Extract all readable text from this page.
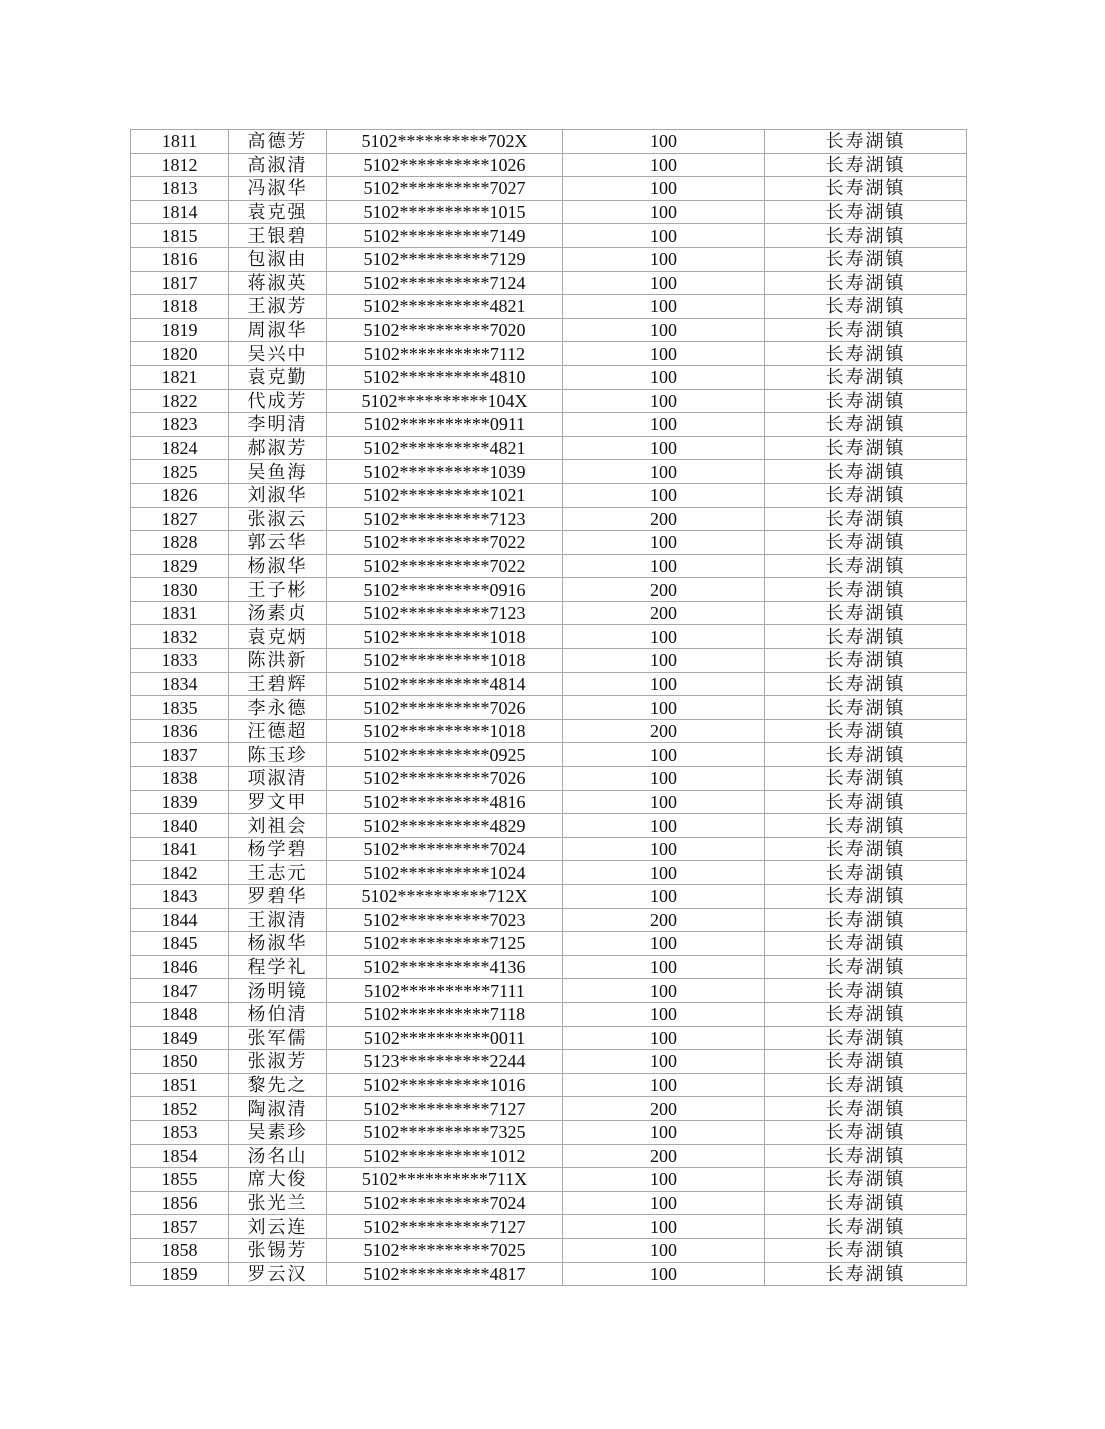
1811	高德芳	5102**********702X	100	长寿湖镇
1812	高淑清	5102**********1026	100	长寿湖镇
1813	冯淑华	5102**********7027	100	长寿湖镇
1814	袁克强	5102**********1015	100	长寿湖镇
1815	王银碧	5102**********7149	100	长寿湖镇
1816	包淑由	5102**********7129	100	长寿湖镇
1817	蒋淑英	5102**********7124	100	长寿湖镇
1818	王淑芳	5102**********4821	100	长寿湖镇
1819	周淑华	5102**********7020	100	长寿湖镇
1820	吴兴中	5102**********7112	100	长寿湖镇
1821	袁克勤	5102**********4810	100	长寿湖镇
1822	代成芳	5102**********104X	100	长寿湖镇
1823	李明清	5102**********0911	100	长寿湖镇
1824	郝淑芳	5102**********4821	100	长寿湖镇
1825	吴鱼海	5102**********1039	100	长寿湖镇
1826	刘淑华	5102**********1021	100	长寿湖镇
1827	张淑云	5102**********7123	200	长寿湖镇
1828	郭云华	5102**********7022	100	长寿湖镇
1829	杨淑华	5102**********7022	100	长寿湖镇
1830	王子彬	5102**********0916	200	长寿湖镇
1831	汤素贞	5102**********7123	200	长寿湖镇
1832	袁克炳	5102**********1018	100	长寿湖镇
1833	陈洪新	5102**********1018	100	长寿湖镇
1834	王碧辉	5102**********4814	100	长寿湖镇
1835	李永德	5102**********7026	100	长寿湖镇
1836	汪德超	5102**********1018	200	长寿湖镇
1837	陈玉珍	5102**********0925	100	长寿湖镇
1838	项淑清	5102**********7026	100	长寿湖镇
1839	罗文甲	5102**********4816	100	长寿湖镇
1840	刘祖会	5102**********4829	100	长寿湖镇
1841	杨学碧	5102**********7024	100	长寿湖镇
1842	王志元	5102**********1024	100	长寿湖镇
1843	罗碧华	5102**********712X	100	长寿湖镇
1844	王淑清	5102**********7023	200	长寿湖镇
1845	杨淑华	5102**********7125	100	长寿湖镇
1846	程学礼	5102**********4136	100	长寿湖镇
1847	汤明镜	5102**********7111	100	长寿湖镇
1848	杨伯清	5102**********7118	100	长寿湖镇
1849	张军儒	5102**********0011	100	长寿湖镇
1850	张淑芳	5123**********2244	100	长寿湖镇
1851	黎先之	5102**********1016	100	长寿湖镇
1852	陶淑清	5102**********7127	200	长寿湖镇
1853	吴素珍	5102**********7325	100	长寿湖镇
1854	汤名山	5102**********1012	200	长寿湖镇
1855	席大俊	5102**********711X	100	长寿湖镇
1856	张光兰	5102**********7024	100	长寿湖镇
1857	刘云连	5102**********7127	100	长寿湖镇
1858	张锡芳	5102**********7025	100	长寿湖镇
1859	罗云汉	5102**********4817	100	长寿湖镇
